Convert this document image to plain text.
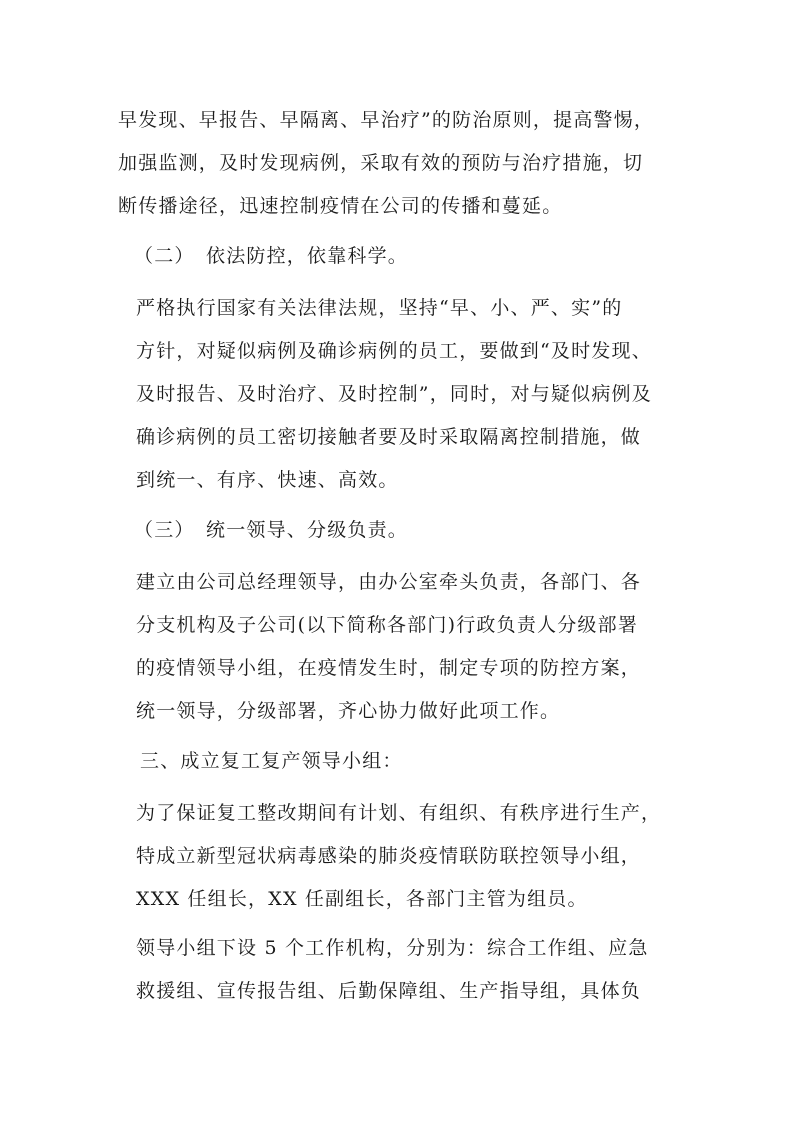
早发现、早报告、早隔离、早治疗”的防治原则，提高警惕，
加强监测，及时发现病例，采取有效的预防与治疗措施，切
断传播途径，迅速控制疫情在公司的传播和蔓延。
（二） 依法防控，依靠科学。
严格执行国家有关法律法规，坚持“早、小、严、实”的
方针，对疑似病例及确诊病例的员工，要做到“及时发现、
及时报告、及时治疗、及时控制”，同时，对与疑似病例及
确诊病例的员工密切接触者要及时采取隔离控制措施，做
到统一、有序、快速、高效。
（三） 统一领导、分级负责。
建立由公司总经理领导，由办公室牵头负责，各部门、各
分支机构及子公司(以下简称各部门)行政负责人分级部署
的疫情领导小组，在疫情发生时，制定专项的防控方案，
统一领导，分级部署，齐心协力做好此项工作。
三、成立复工复产领导小组：
为了保证复工整改期间有计划、有组织、有秩序进行生产，
特成立新型冠状病毒感染的肺炎疫情联防联控领导小组，
XXX 任组长，XX 任副组长，各部门主管为组员。
领导小组下设 5 个工作机构，分别为：综合工作组、应急
救援组、宣传报告组、后勤保障组、生产指导组，具体负
